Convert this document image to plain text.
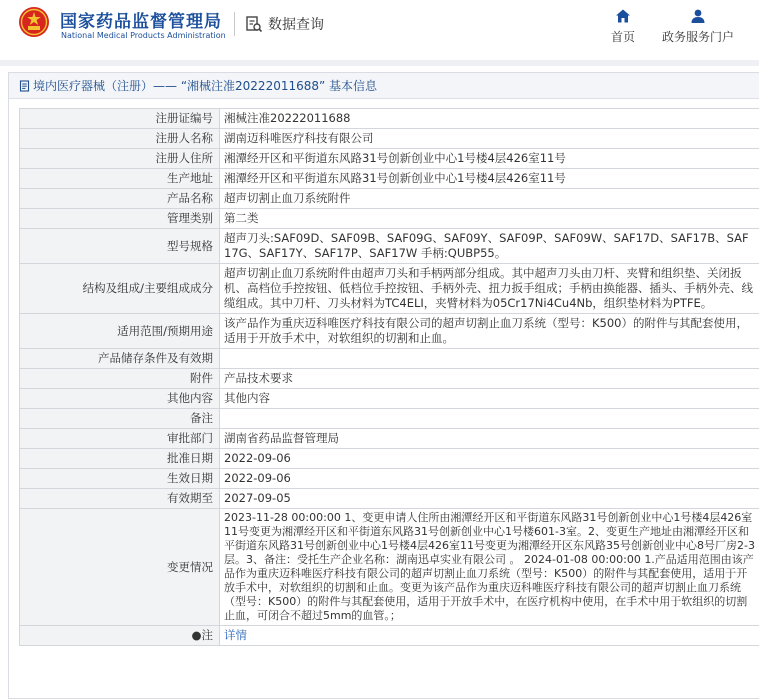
国家药品监督管理局
National Medical Products Administration
数据查询
首页	政务服务门户
境内医疗器械（注册）—— “湘械注准20222011688” 基本信息
注册证编号	湘械注准20222011688
注册人名称	湖南迈科唯医疗科技有限公司
注册人住所	湘潭经开区和平街道东风路31号创新创业中心1号楼4层426室11号
生产地址	湘潭经开区和平街道东风路31号创新创业中心1号楼4层426室11号
产品名称	超声切割止血刀系统附件
管理类别	第二类
型号规格	超声刀头:SAF09D、SAF09B、SAF09G、SAF09Y、SAF09P、SAF09W、SAF17D、SAF17B、SAF17G、SAF17Y、SAF17P、SAF17W 手柄:QUBP55。
结构及组成/主要组成成分	超声切割止血刀系统附件由超声刀头和手柄两部分组成。其中超声刀头由刀杆、夹臂和组织垫、关闭扳机、高档位手控按钮、低档位手控按钮、手柄外壳、扭力扳手组成；手柄由换能器、插头、手柄外壳、线缆组成。其中刀杆、刀头材料为TC4ELI，夹臂材料为05Cr17Ni4Cu4Nb，组织垫材料为PTFE。
适用范围/预期用途	该产品作为重庆迈科唯医疗科技有限公司的超声切割止血刀系统（型号：K500）的附件与其配套使用，适用于开放手术中，对软组织的切割和止血。
产品储存条件及有效期	
附件	产品技术要求
其他内容	其他内容
备注	
审批部门	湖南省药品监督管理局
批准日期	2022-09-06
生效日期	2022-09-06
有效期至	2027-09-05
变更情况	2023-11-28 00:00:00 1、变更申请人住所由湘潭经开区和平街道东风路31号创新创业中心1号楼4层426室11号变更为湘潭经开区和平街道东风路31号创新创业中心1号楼601-3室。2、变更生产地址由湘潭经开区和平街道东风路31号创新创业中心1号楼4层426室11号变更为湘潭经开区东风路35号创新创业中心8号厂房2-3层。3、备注：受托生产企业名称：湖南迅卓实业有限公司 。 2024-01-08 00:00:00 1.产品适用范围由该产品作为重庆迈科唯医疗科技有限公司的超声切割止血刀系统（型号：K500）的附件与其配套使用，适用于开放手术中，对软组织的切割和止血。变更为该产品作为重庆迈科唯医疗科技有限公司的超声切割止血刀系统（型号：K500）的附件与其配套使用，适用于开放手术中，在医疗机构中使用，在手术中用于软组织的切割止血，可闭合不超过5mm的血管。；
●注	详情
